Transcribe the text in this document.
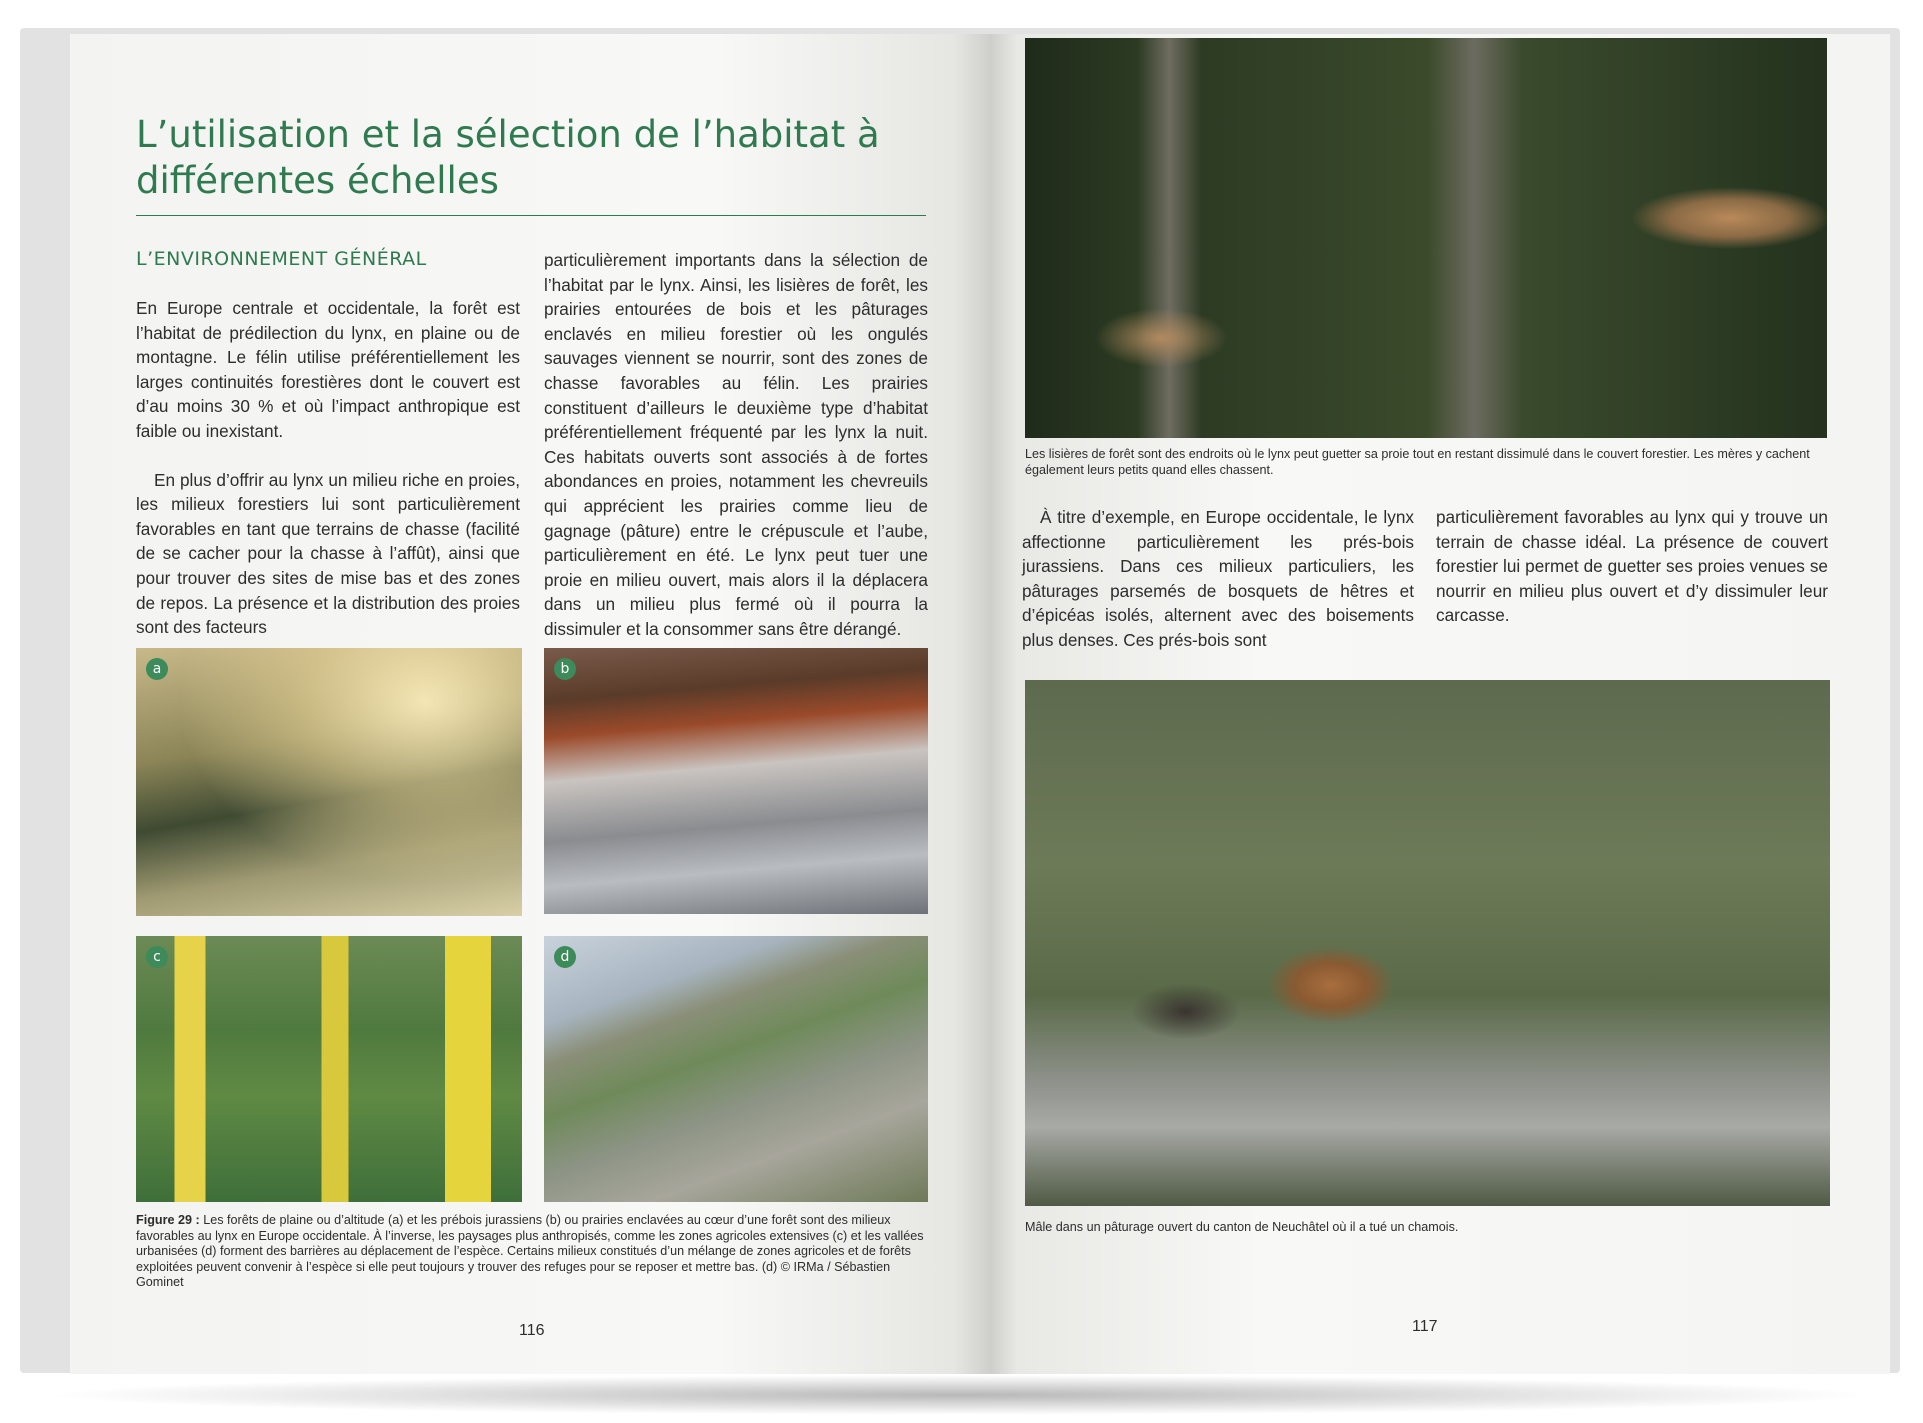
L’utilisation et la sélection de l’habitat à différentes échelles
L’ENVIRONNEMENT GÉNÉRAL

En Europe centrale et occidentale, la forêt est l’habitat de prédilection du lynx, en plaine ou de montagne. Le félin utilise préférentiellement les larges continuités forestières dont le couvert est d’au moins 30 % et où l’impact anthropique est faible ou inexistant.

En plus d’offrir au lynx un milieu riche en proies, les milieux forestiers lui sont particulièrement favorables en tant que terrains de chasse (facilité de se cacher pour la chasse à l’affût), ainsi que pour trouver des sites de mise bas et des zones de repos. La présence et la distribution des proies sont des facteurs

particulièrement importants dans la sélection de l’habitat par le lynx. Ainsi, les lisières de forêt, les prairies entourées de bois et les pâturages enclavés en milieu forestier où les ongulés sauvages viennent se nourrir, sont des zones de chasse favorables au félin. Les prairies constituent d’ailleurs le deuxième type d’habitat préférentiellement fréquenté par les lynx la nuit. Ces habitats ouverts sont associés à de fortes abondances en proies, notamment les chevreuils qui apprécient les prairies comme lieu de gagnage (pâture) entre le crépuscule et l’aube, particulièrement en été. Le lynx peut tuer une proie en milieu ouvert, mais alors il la déplacera dans un milieu plus fermé où il pourra la dissimuler et la consommer sans être dérangé.

a	b
c	d

Figure 29 : Les forêts de plaine ou d’altitude (a) et les prébois jurassiens (b) ou prairies enclavées au cœur d’une forêt sont des milieux favorables au lynx en Europe occidentale. À l’inverse, les paysages plus anthropisés, comme les zones agricoles extensives (c) et les vallées urbanisées (d) forment des barrières au déplacement de l’espèce. Certains milieux constitués d’un mélange de zones agricoles et de forêts exploitées peuvent convenir à l’espèce si elle peut toujours y trouver des refuges pour se reposer et mettre bas. (d) © IRMa / Sébastien Gominet

116

Les lisières de forêt sont des endroits où le lynx peut guetter sa proie tout en restant dissimulé dans le couvert forestier. Les mères y cachent également leurs petits quand elles chassent.

À titre d’exemple, en Europe occidentale, le lynx affectionne particulièrement les prés-bois jurassiens. Dans ces milieux particuliers, les pâturages parsemés de bosquets de hêtres et d’épicéas isolés, alternent avec des boisements plus denses. Ces prés-bois sont

particulièrement favorables au lynx qui y trouve un terrain de chasse idéal. La présence de couvert forestier lui permet de guetter ses proies venues se nourrir en milieu plus ouvert et d’y dissimuler leur carcasse.

Mâle dans un pâturage ouvert du canton de Neuchâtel où il a tué un chamois.

117
